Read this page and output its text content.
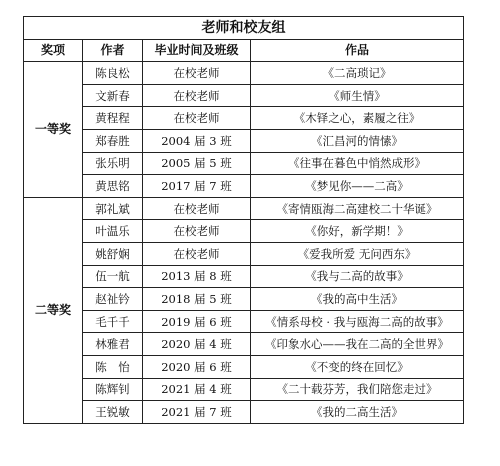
老师和校友组			
奖项	作者	毕业时间及班级	作品
一等奖	陈良松	在校老师	《二高琐记》
	文新春	在校老师	《师生情》
	黄程程	在校老师	《木铎之心，素履之往》
	郑春胜	2004 届 3 班	《汇昌河的情愫》
	张乐明	2005 届 5 班	《往事在暮色中悄然成形》
	黄思铭	2017 届 7 班	《梦见你——二高》
二等奖	郭礼斌	在校老师	《寄情瓯海二高建校二十华诞》
	叶温乐	在校老师	《你好，新学期！》
	姚舒娴	在校老师	《爱我所爱 无问西东》
	伍一航	2013 届 8 班	《我与二高的故事》
	赵祉钤	2018 届 5 班	《我的高中生活》
	毛千千	2019 届 6 班	《情系母校 · 我与瓯海二高的故事》
	林雅君	2020 届 4 班	《印象水心——我在二高的全世界》
	陈　怡	2020 届 6 班	《不变的终在回忆》
	陈辉钊	2021 届 4 班	《二十载芬芳，我们陪您走过》
	王锐敏	2021 届 7 班	《我的二高生活》
